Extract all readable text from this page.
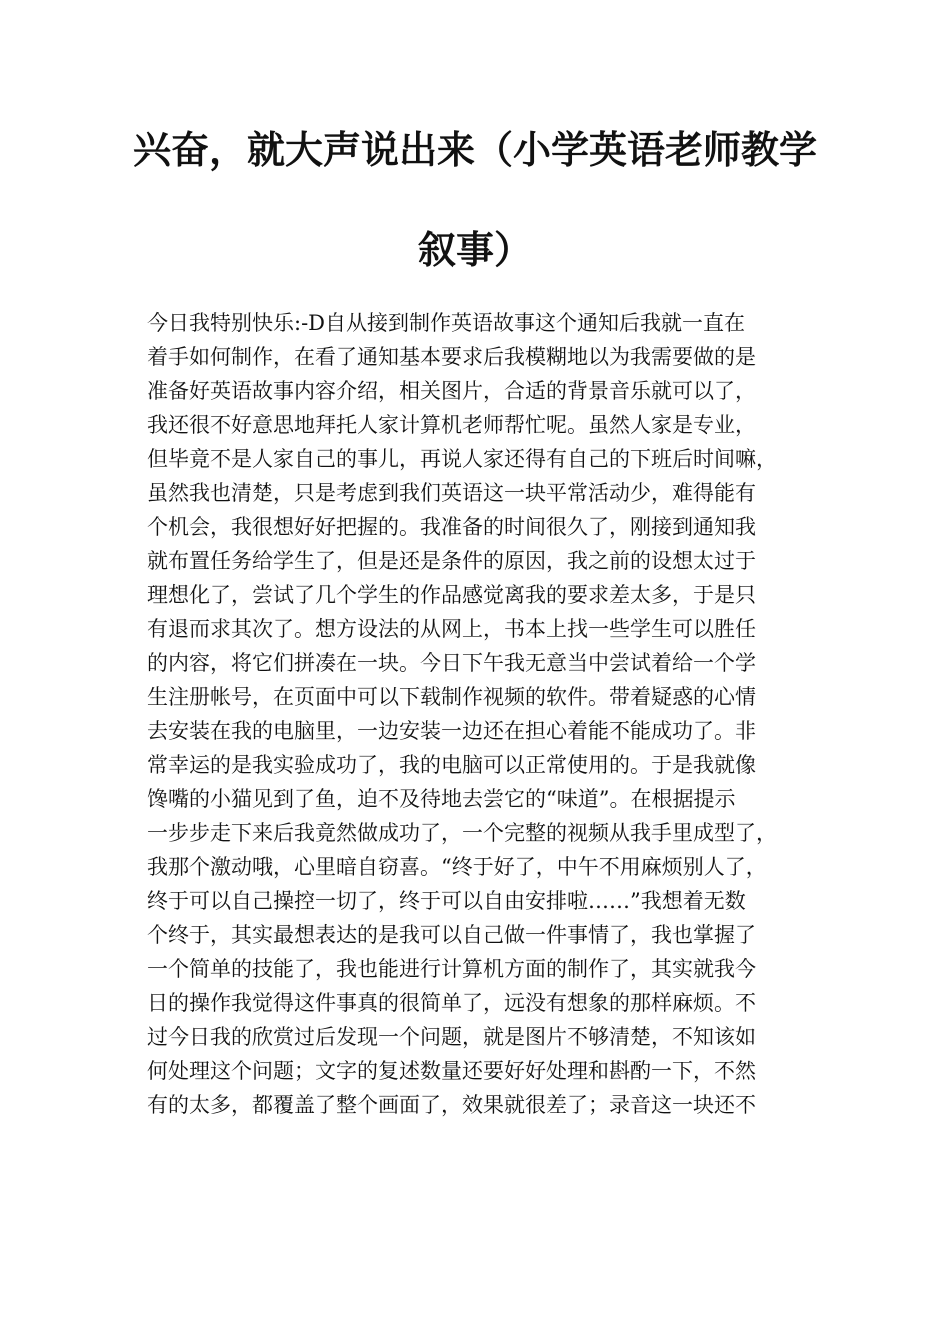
兴奋，就大声说出来（小学英语老师教学
叙事）
今日我特别快乐:-D自从接到制作英语故事这个通知后我就一直在
着手如何制作，在看了通知基本要求后我模糊地以为我需要做的是
准备好英语故事内容介绍，相关图片，合适的背景音乐就可以了，
我还很不好意思地拜托人家计算机老师帮忙呢。虽然人家是专业，
但毕竟不是人家自己的事儿，再说人家还得有自己的下班后时间嘛，
虽然我也清楚，只是考虑到我们英语这一块平常活动少，难得能有
个机会，我很想好好把握的。我准备的时间很久了，刚接到通知我
就布置任务给学生了，但是还是条件的原因，我之前的设想太过于
理想化了，尝试了几个学生的作品感觉离我的要求差太多，于是只
有退而求其次了。想方设法的从网上，书本上找一些学生可以胜任
的内容，将它们拼凑在一块。今日下午我无意当中尝试着给一个学
生注册帐号，在页面中可以下载制作视频的软件。带着疑惑的心情
去安装在我的电脑里，一边安装一边还在担心着能不能成功了。非
常幸运的是我实验成功了，我的电脑可以正常使用的。于是我就像
馋嘴的小猫见到了鱼，迫不及待地去尝它的“味道”。在根据提示
一步步走下来后我竟然做成功了，一个完整的视频从我手里成型了，
我那个激动哦，心里暗自窃喜。“终于好了，中午不用麻烦别人了，
终于可以自己操控一切了，终于可以自由安排啦……”我想着无数
个终于，其实最想表达的是我可以自己做一件事情了，我也掌握了
一个简单的技能了，我也能进行计算机方面的制作了，其实就我今
日的操作我觉得这件事真的很简单了，远没有想象的那样麻烦。不
过今日我的欣赏过后发现一个问题，就是图片不够清楚，不知该如
何处理这个问题；文字的复述数量还要好好处理和斟酌一下，不然
有的太多，都覆盖了整个画面了，效果就很差了；录音这一块还不
